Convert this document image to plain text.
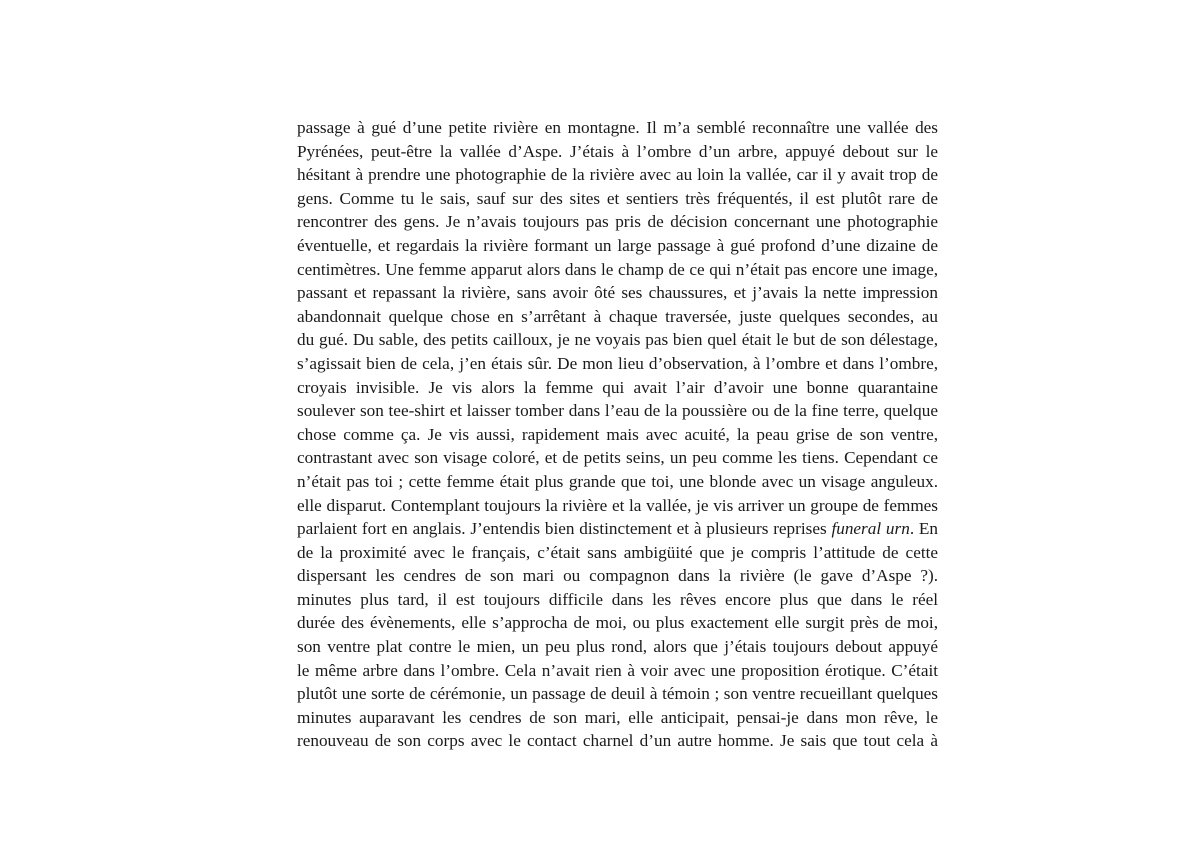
passage à gué d’une petite rivière en montagne. Il m’a semblé reconnaître une vallée des
Pyrénées, peut-être la vallée d’Aspe. J’étais à l’ombre d’un arbre, appuyé debout sur le
hésitant à prendre une photographie de la rivière avec au loin la vallée, car il y avait trop de
gens. Comme tu le sais, sauf sur des sites et sentiers très fréquentés, il est plutôt rare de
rencontrer des gens. Je n’avais toujours pas pris de décision concernant une photographie
éventuelle, et regardais la rivière formant un large passage à gué profond d’une dizaine de
centimètres. Une femme apparut alors dans le champ de ce qui n’était pas encore une image,
passant et repassant la rivière, sans avoir ôté ses chaussures, et j’avais la nette impression
abandonnait quelque chose en s’arrêtant à chaque traversée, juste quelques secondes, au
du gué. Du sable, des petits cailloux, je ne voyais pas bien quel était le but de son délestage,
s’agissait bien de cela, j’en étais sûr. De mon lieu d’observation, à l’ombre et dans l’ombre,
croyais invisible. Je vis alors la femme qui avait l’air d’avoir une bonne quarantaine
soulever son tee-shirt et laisser tomber dans l’eau de la poussière ou de la fine terre, quelque
chose comme ça. Je vis aussi, rapidement mais avec acuité, la peau grise de son ventre,
contrastant avec son visage coloré, et de petits seins, un peu comme les tiens. Cependant ce
n’était pas toi ; cette femme était plus grande que toi, une blonde avec un visage anguleux.
elle disparut. Contemplant toujours la rivière et la vallée, je vis arriver un groupe de femmes
parlaient fort en anglais. J’entendis bien distinctement et à plusieurs reprises funeral urn. En
de la proximité avec le français, c’était sans ambigüité que je compris l’attitude de cette
dispersant les cendres de son mari ou compagnon dans la rivière (le gave d’Aspe ?).
minutes plus tard, il est toujours difficile dans les rêves encore plus que dans le réel
durée des évènements, elle s’approcha de moi, ou plus exactement elle surgit près de moi,
son ventre plat contre le mien, un peu plus rond, alors que j’étais toujours debout appuyé
le même arbre dans l’ombre. Cela n’avait rien à voir avec une proposition érotique. C’était
plutôt une sorte de cérémonie, un passage de deuil à témoin ; son ventre recueillant quelques
minutes auparavant les cendres de son mari, elle anticipait, pensai-je dans mon rêve, le
renouveau de son corps avec le contact charnel d’un autre homme. Je sais que tout cela à
